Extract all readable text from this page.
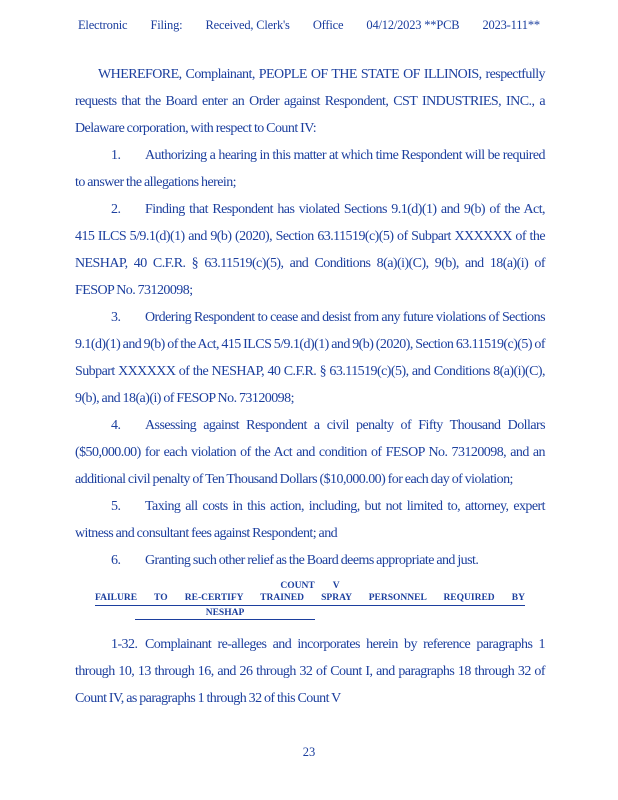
Electronic Filing: Received, Clerk's Office 04/12/2023 **PCB 2023-111**

WHEREFORE, Complainant, PEOPLE OF THE STATE OF ILLINOIS, respectfully requests that the Board enter an Order against Respondent, CST INDUSTRIES, INC., a Delaware corporation, with respect to Count IV:

1. Authorizing a hearing in this matter at which time Respondent will be required to answer the allegations herein;

2. Finding that Respondent has violated Sections 9.1(d)(1) and 9(b) of the Act, 415 ILCS 5/9.1(d)(1) and 9(b) (2020), Section 63.11519(c)(5) of Subpart XXXXXX of the NESHAP, 40 C.F.R. § 63.11519(c)(5), and Conditions 8(a)(i)(C), 9(b), and 18(a)(i) of FESOP No. 73120098;

3. Ordering Respondent to cease and desist from any future violations of Sections 9.1(d)(1) and 9(b) of the Act, 415 ILCS 5/9.1(d)(1) and 9(b) (2020), Section 63.11519(c)(5) of Subpart XXXXXX of the NESHAP, 40 C.F.R. § 63.11519(c)(5), and Conditions 8(a)(i)(C), 9(b), and 18(a)(i) of FESOP No. 73120098;

4. Assessing against Respondent a civil penalty of Fifty Thousand Dollars ($50,000.00) for each violation of the Act and condition of FESOP No. 73120098, and an additional civil penalty of Ten Thousand Dollars ($10,000.00) for each day of violation;

5. Taxing all costs in this action, including, but not limited to, attorney, expert witness and consultant fees against Respondent; and

6. Granting such other relief as the Board deems appropriate and just.

COUNT V
FAILURE TO RE-CERTIFY TRAINED SPRAY PERSONNEL REQUIRED BY
NESHAP

1-32. Complainant re-alleges and incorporates herein by reference paragraphs 1 through 10, 13 through 16, and 26 through 32 of Count I, and paragraphs 18 through 32 of Count IV, as paragraphs 1 through 32 of this Count V

23
